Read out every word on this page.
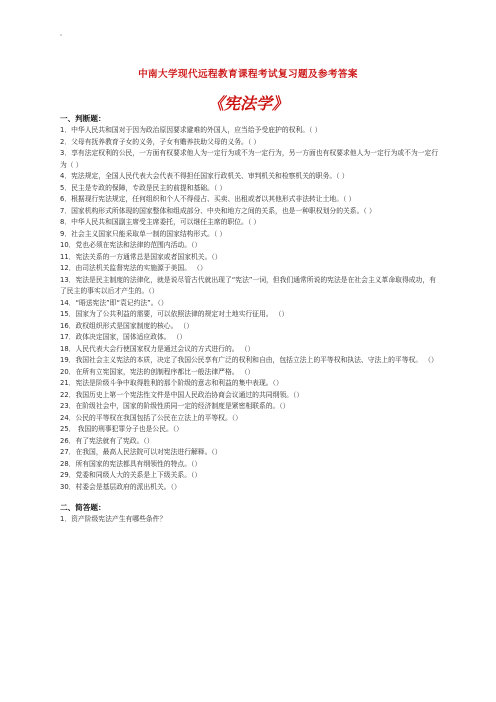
中南大学现代远程教育课程考试复习题及参考答案
《宪法学》
一、判断题：

1．中华人民共和国对于因为政治原因要求避难的外国人，应当给予受庇护的权利。（ ）

2．父母有抚养教育子女的义务，子女有赡养扶助父母的义务。（ ）

3．享有法定权利的公民，一方面有权要求他人为一定行为或不为一定行为，另一方面也有权要求他人为一定行为或不为一定行为（ ）

4．宪法规定，全国人民代表大会代表不得担任国家行政机关、审判机关和检察机关的职务。（ ）

5．民主是专政的保障，专政是民主的前提和基础。（ ）

6．根据现行宪法规定，任何组织和个人不得侵占、买卖、出租或者以其他形式非法转让土地。（ ）

7．国家机构形式所体现的国家整体和组成部分、中央和地方之间的关系，也是一种职权划分的关系。（ ）

8．中华人民共和国副主席受主席委托，可以继任主席的职位。（ ）

9．社会主义国家只能采取单一制的国家结构形式。（ ）

10．党也必须在宪法和法律的范围内活动。（）

11．宪法关系的一方通常总是国家或者国家机关。（）

12．由司法机关监督宪法的实施源于美国。 （）

13．宪法是民主制度的法律化，就是说尽管古代就出现了“宪法”一词，但我们通常所说的宪法是在社会主义革命取得成功，有了民主的事实以后才产生的。（）

14．“晤送宪法”即“袁记约法”。（）

15．国家为了公共利益的需要，可以依照法律的规定对土地实行征用。 （）

16．政权组织形式是国家制度的核心。 （）

17．政体决定国家，国体适应政体。 （）

18．人民代表大会行使国家权力是通过会议的方式进行的。 （）

19．我国社会主义宪法的本质，决定了我国公民享有广泛的权利和自由，包括立法上的平等权和执法、守法上的平等权。 （）

20．在所有立宪国家，宪法的创制程序都比一般法律严格。 （）

21．宪法是阶级斗争中取得胜利的那个阶级的意志和利益的集中表现。（）

22．我国历史上第一个宪法性文件是中国人民政治协商会议通过的共同纲领。（）

23．在阶级社会中，国家的阶级性质同一定的经济制度是紧密相联系的。（）

24．公民的平等权在我国包括了公民在立法上的平等权。（）

25． 我国的刑事犯罪分子也是公民。（）

26．有了宪法就有了宪政。（）

27．在我国，最高人民法院可以对宪法进行解释。（）

28．所有国家的宪法都具有纲领性的特点。（）

29．党委和同级人大的关系是上下级关系。（）

30．村委会是基层政府的派出机关。（）

二、简答题：
1．资产阶级宪法产生有哪些条件？
